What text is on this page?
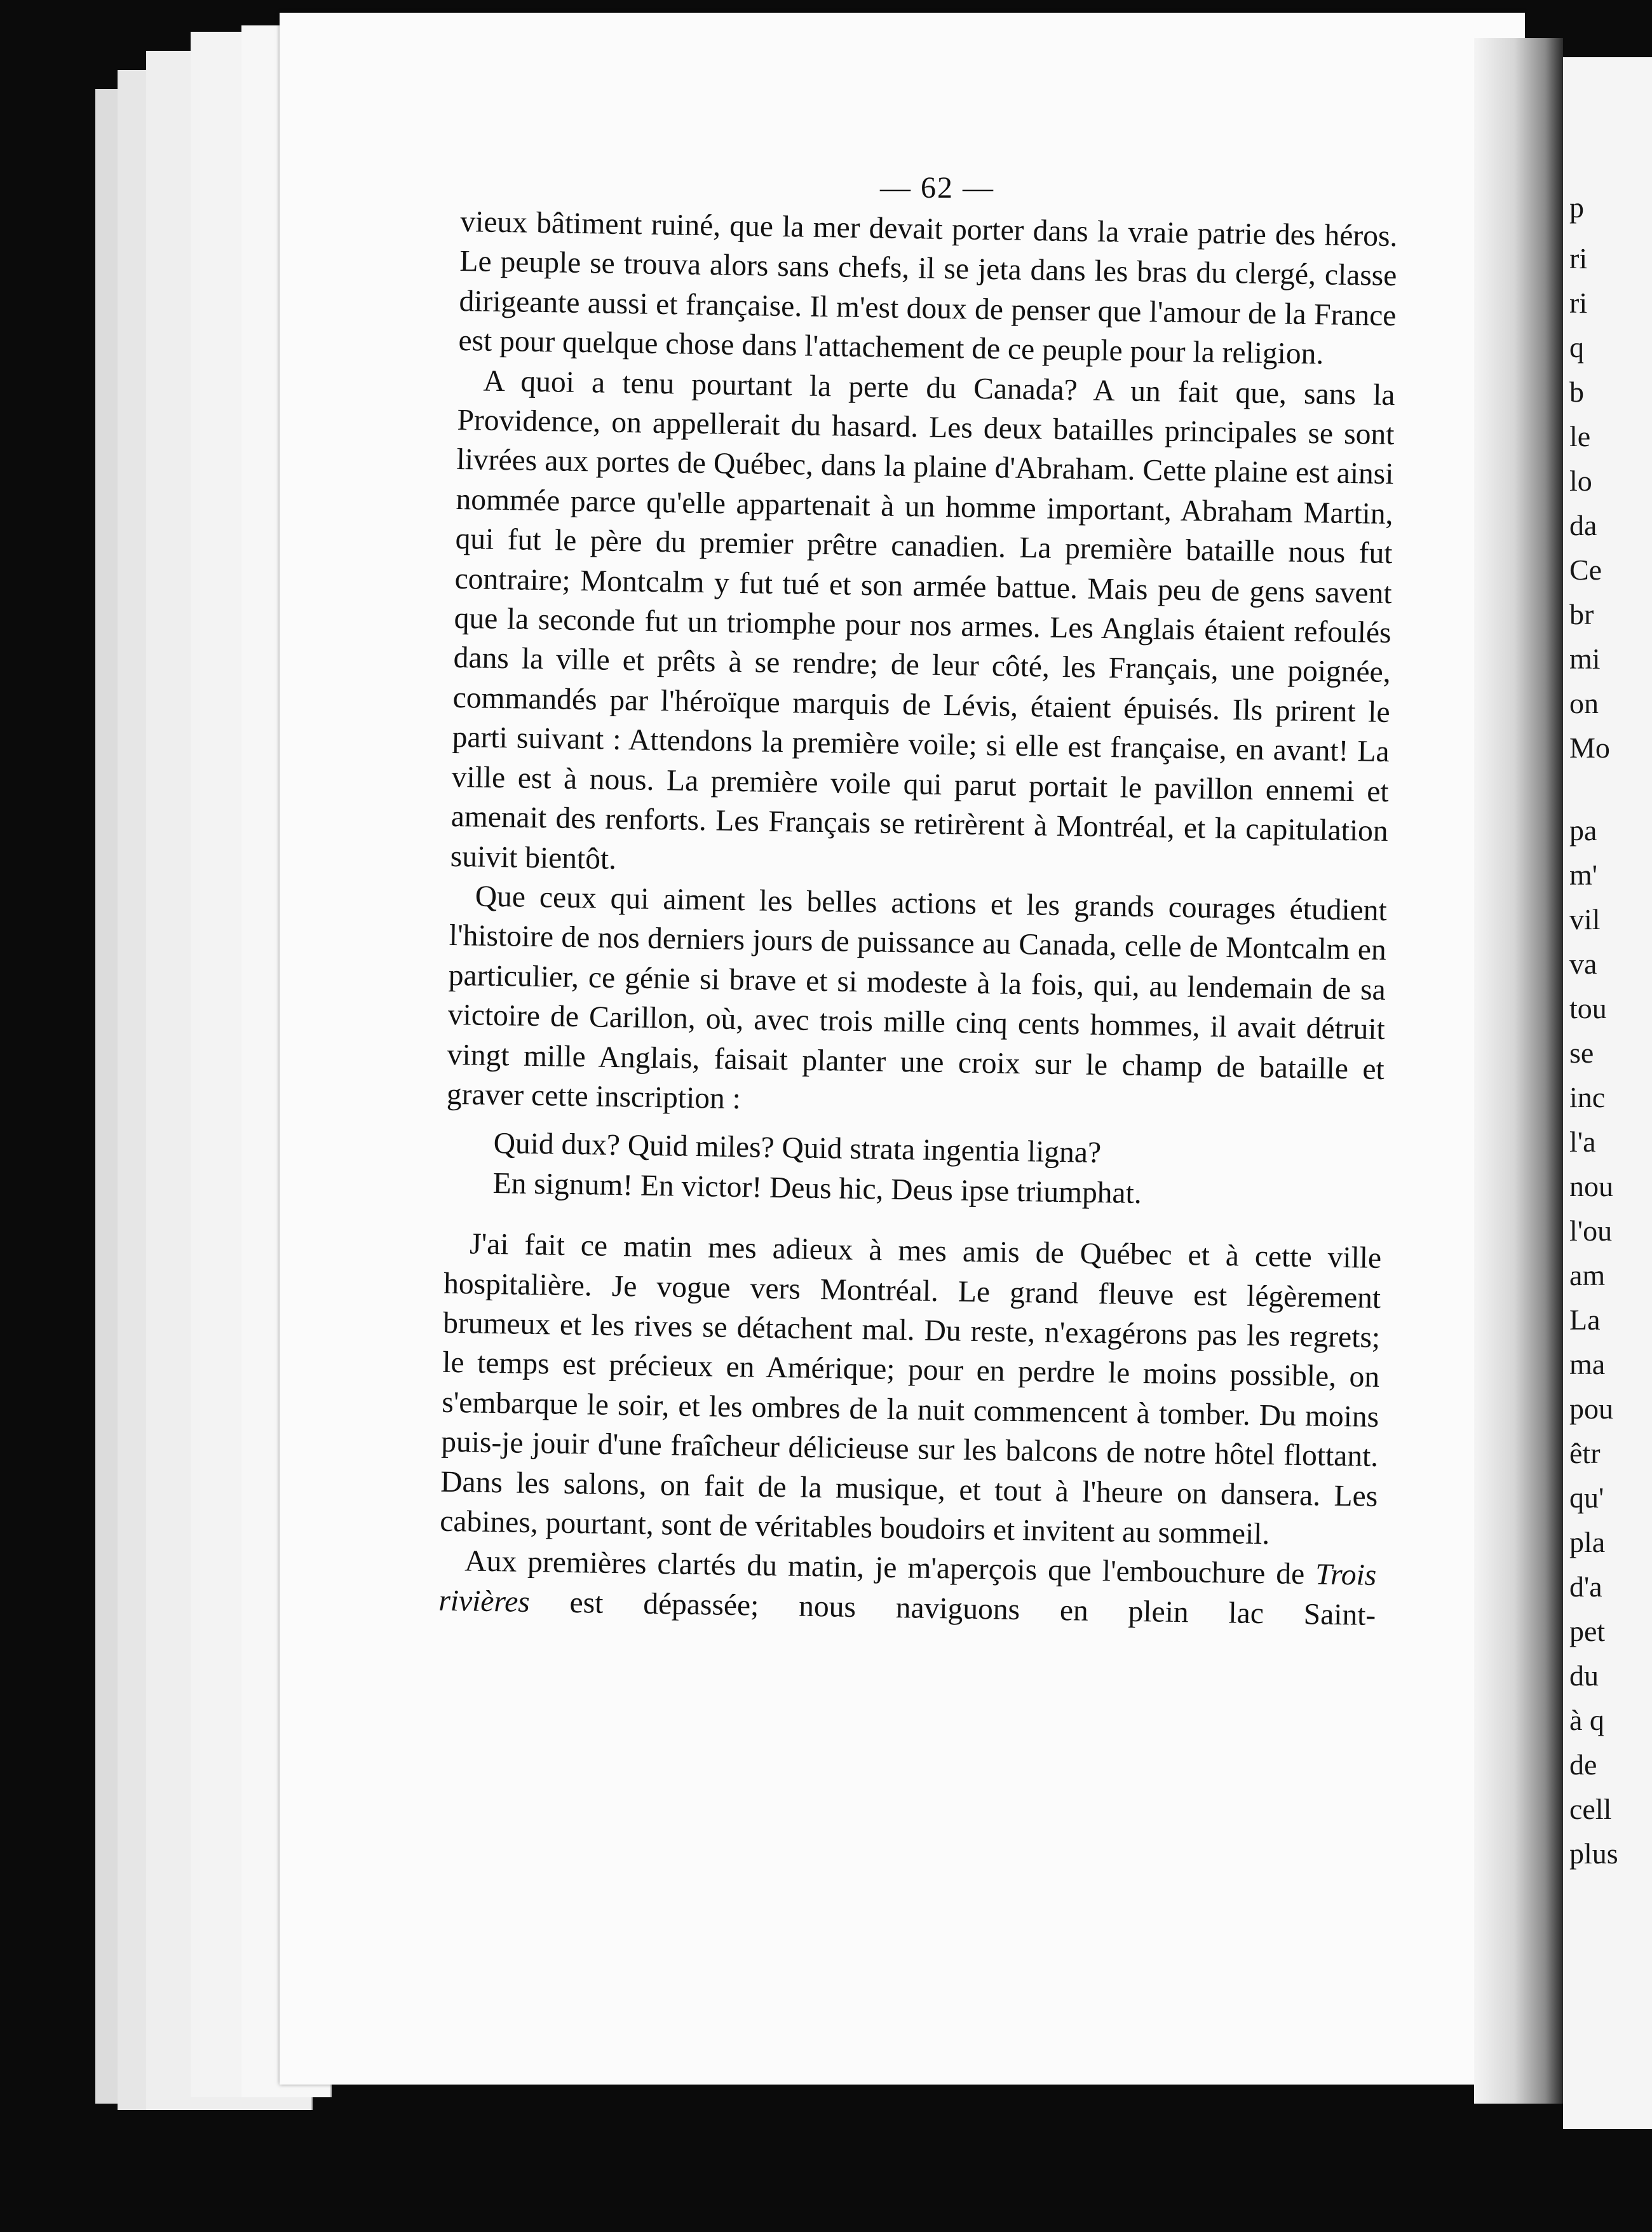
— 62 —

vieux bâtiment ruiné, que la mer devait porter dans la vraie patrie des héros. Le peuple se trouva alors sans chefs, il se jeta dans les bras du clergé, classe dirigeante aussi et française. Il m'est doux de penser que l'amour de la France est pour quelque chose dans l'attachement de ce peuple pour la religion.

A quoi a tenu pourtant la perte du Canada? A un fait que, sans la Providence, on appellerait du hasard. Les deux batailles principales se sont livrées aux portes de Québec, dans la plaine d'Abraham. Cette plaine est ainsi nommée parce qu'elle appartenait à un homme important, Abraham Martin, qui fut le père du premier prêtre canadien. La première bataille nous fut contraire; Montcalm y fut tué et son armée battue. Mais peu de gens savent que la seconde fut un triomphe pour nos armes. Les Anglais étaient refoulés dans la ville et prêts à se rendre; de leur côté, les Français, une poignée, commandés par l'héroïque marquis de Lévis, étaient épuisés. Ils prirent le parti suivant : Attendons la première voile; si elle est française, en avant! La ville est à nous. La première voile qui parut portait le pavillon ennemi et amenait des renforts. Les Français se retirèrent à Montréal, et la capitulation suivit bientôt.

Que ceux qui aiment les belles actions et les grands courages étudient l'histoire de nos derniers jours de puissance au Canada, celle de Montcalm en particulier, ce génie si brave et si modeste à la fois, qui, au lendemain de sa victoire de Carillon, où, avec trois mille cinq cents hommes, il avait détruit vingt mille Anglais, faisait planter une croix sur le champ de bataille et graver cette inscription :

Quid dux? Quid miles? Quid strata ingentia ligna?
En signum! En victor! Deus hic, Deus ipse triumphat.

J'ai fait ce matin mes adieux à mes amis de Québec et à cette ville hospitalière. Je vogue vers Montréal. Le grand fleuve est légèrement brumeux et les rives se détachent mal. Du reste, n'exagérons pas les regrets; le temps est précieux en Amérique; pour en perdre le moins possible, on s'embarque le soir, et les ombres de la nuit commencent à tomber. Du moins puis-je jouir d'une fraîcheur délicieuse sur les balcons de notre hôtel flottant. Dans les salons, on fait de la musique, et tout à l'heure on dansera. Les cabines, pourtant, sont de véritables boudoirs et invitent au sommeil.

Aux premières clartés du matin, je m'aperçois que l'embouchure de Trois rivières est dépassée; nous naviguons en plein lac Saint-

p
ri
ri
q
b
le
lo
da
Ce
br
mi
on
Mo
pa
m'
vil
va
tou
se
inc
l'a
nou
l'ou
am
La
ma
pou
êtr
qu'
pla
d'a
pet
du
à q
de
cell
plus
